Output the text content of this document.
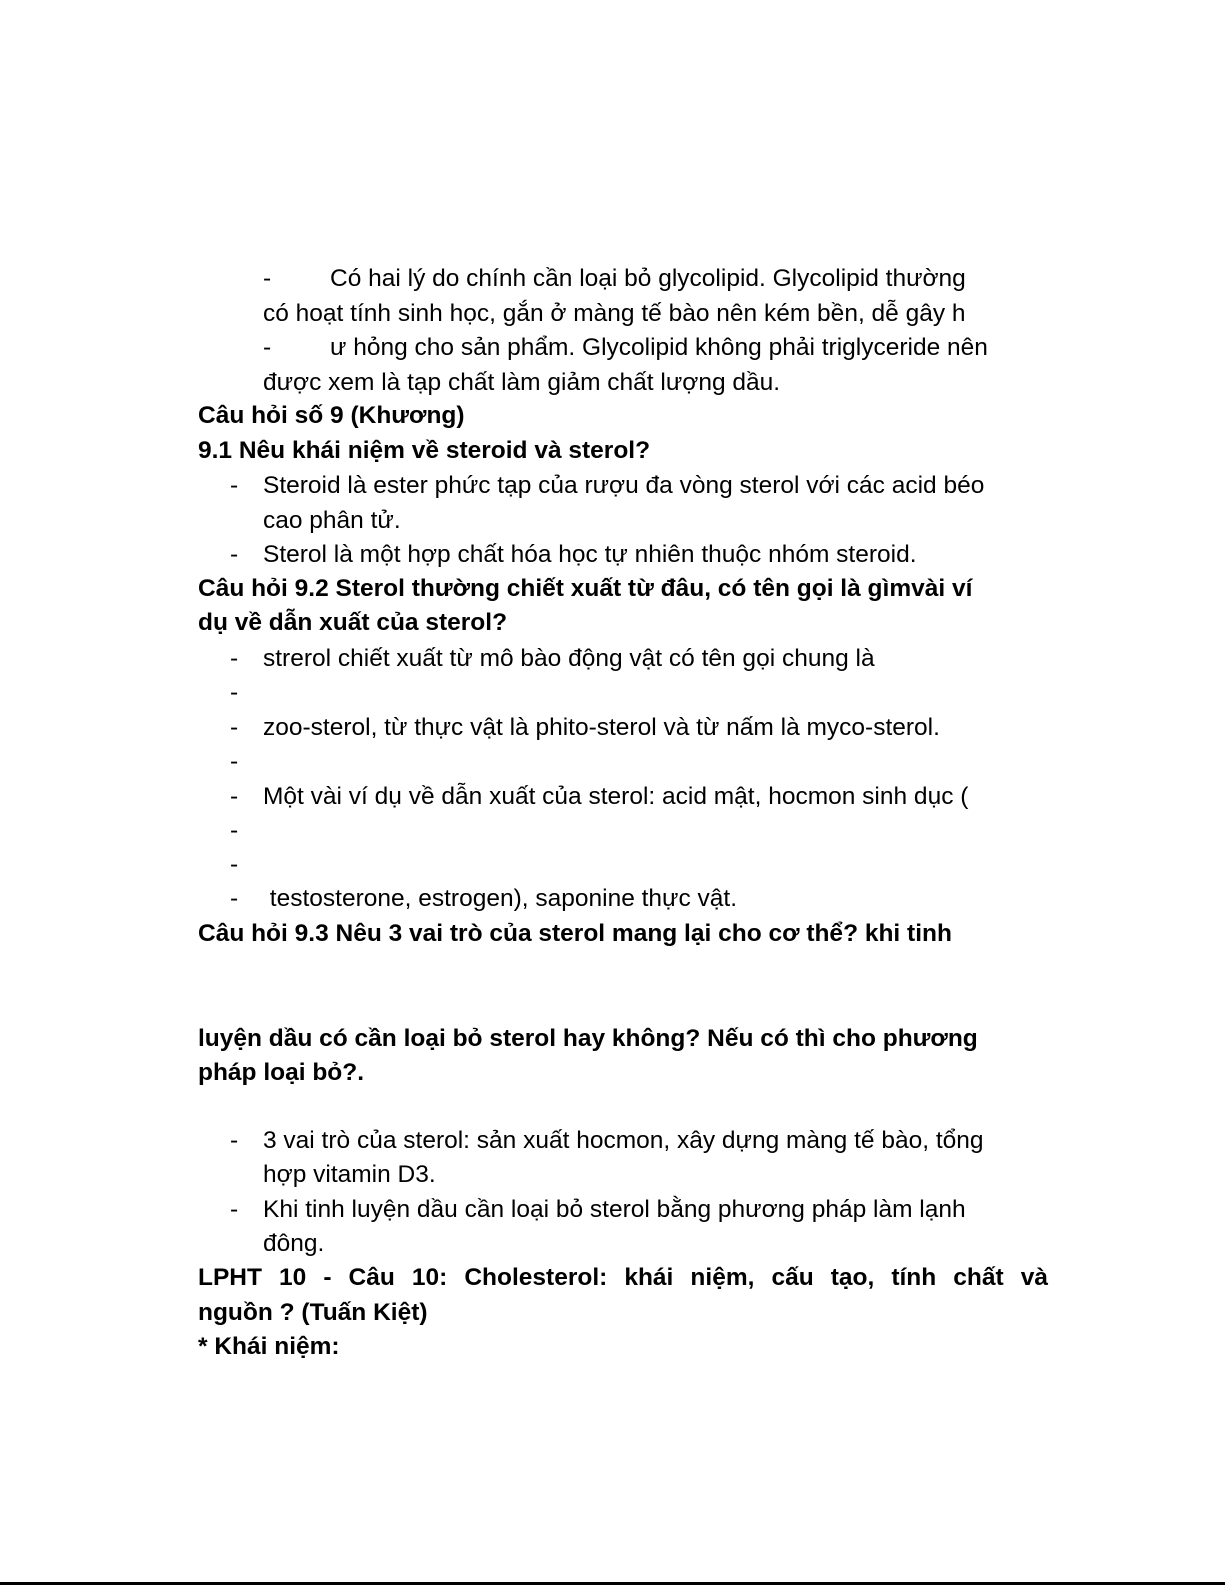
- Có hai lý do chính cần loại bỏ glycolipid. Glycolipid thường
có hoạt tính sinh học, gắn ở màng tế bào nên kém bền, dễ gây h
- ư hỏng cho sản phẩm. Glycolipid không phải triglyceride nên
được xem là tạp chất làm giảm chất lượng dầu.
Câu hỏi số 9 (Khương)
9.1 Nêu khái niệm về steroid và sterol?
- Steroid là ester phức tạp của rượu đa vòng sterol với các acid béo
cao phân tử.
- Sterol là một hợp chất hóa học tự nhiên thuộc nhóm steroid.
Câu hỏi 9.2 Sterol thường chiết xuất từ đâu, có tên gọi là gìmvài ví
dụ về dẫn xuất của sterol?
- strerol chiết xuất từ mô bào động vật có tên gọi chung là
-
- zoo-sterol, từ thực vật là phito-sterol và từ nấm là myco-sterol.
-
- Một vài ví dụ về dẫn xuất của sterol: acid mật, hocmon sinh dục (
-
-
- testosterone, estrogen), saponine thực vật.
Câu hỏi 9.3 Nêu 3 vai trò của sterol mang lại cho cơ thể? khi tinh
luyện dầu có cần loại bỏ sterol hay không? Nếu có thì cho phương
pháp loại bỏ?.
- 3 vai trò của sterol: sản xuất hocmon, xây dựng màng tế bào, tổng
hợp vitamin D3.
- Khi tinh luyện dầu cần loại bỏ sterol bằng phương pháp làm lạnh
đông.
LPHT 10 - Câu 10: Cholesterol: khái niệm, cấu tạo, tính chất và
nguồn ? (Tuấn Kiệt)
* Khái niệm:
